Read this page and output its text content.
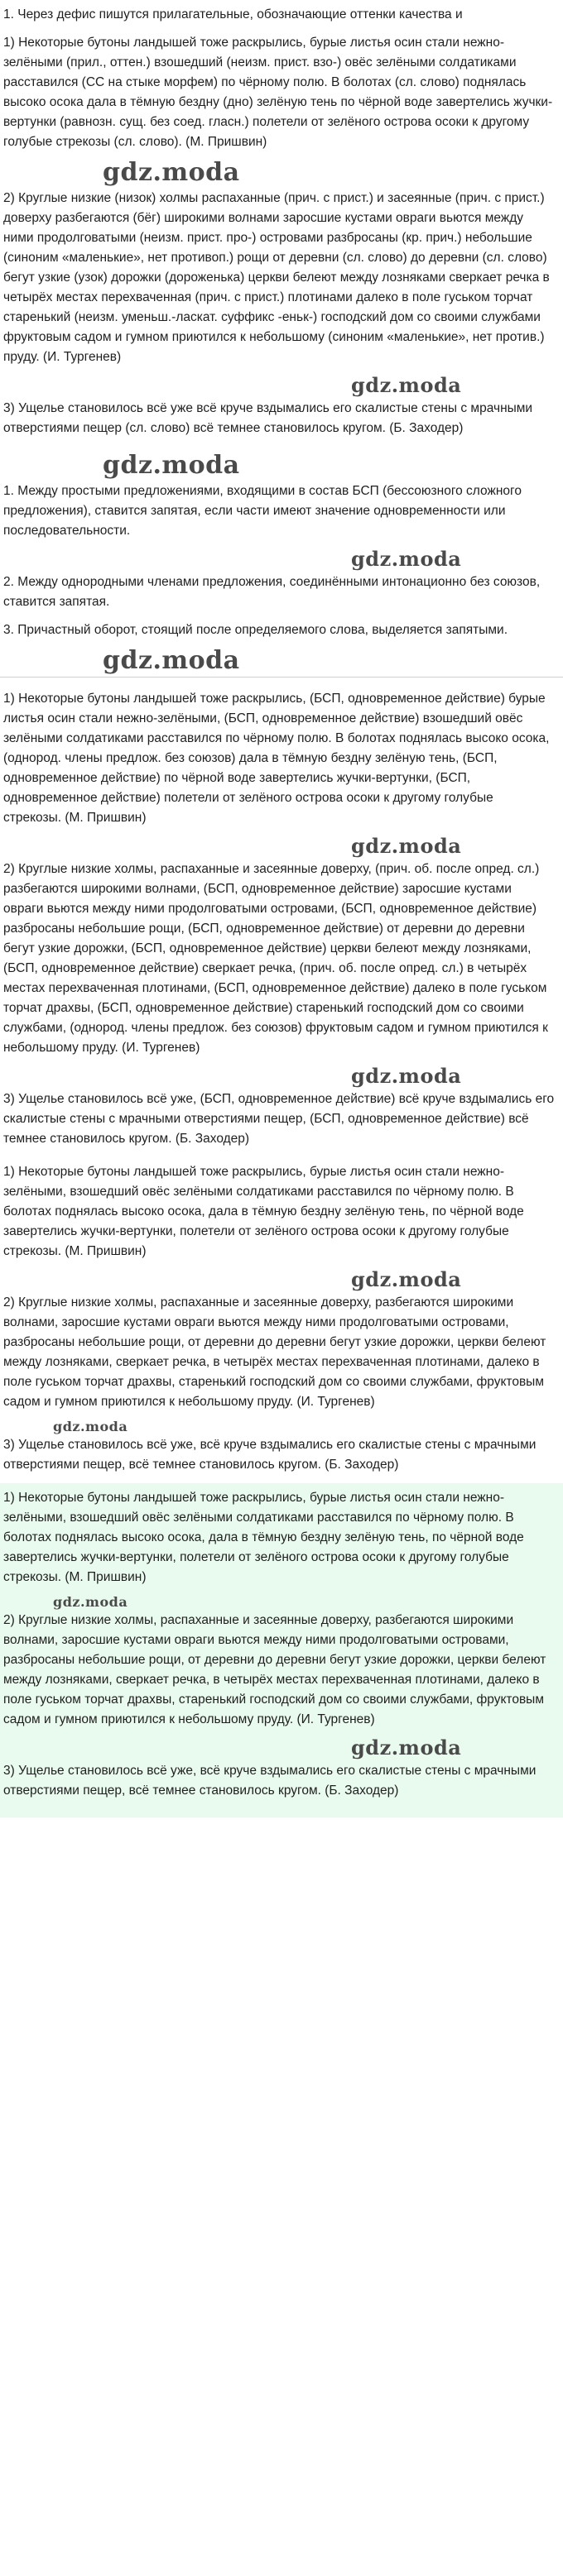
1. Через дефис пишутся прилагательные, обозначающие оттенки качества и

1) Некоторые бутоны ландышей тоже раскрылись, бурые листья осин стали нежно-зелёными (прил., оттен.) взошедший (неизм. прист. взо-) овёс зелёными солдатиками расставился (СС на стыке морфем) по чёрному полю. В болотах (сл. слово) поднялась высоко осока дала в тёмную бездну (дно) зелёную тень по чёрной воде завертелись жучки-вертунки (равнозн. сущ. без соед. гласн.) полетели от зелёного острова осоки к другому голубые стрекозы (сл. слово). (М. Пришвин)

gdz.moda

2) Круглые низкие (низок) холмы распаханные (прич. с прист.) и засеянные (прич. с прист.) доверху разбегаются (бёг) широкими волнами заросшие кустами овраги вьются между ними продолговатыми (неизм. прист. про-) островами разбросаны (кр. прич.) небольшие (синоним «маленькие», нет противоп.) рощи от деревни (сл. слово) до деревни (сл. слово) бегут узкие (узок) дорожки (дороженька) церкви белеют между лозняками сверкает речка в четырёх местах перехваченная (прич. с прист.) плотинами далеко в поле гуськом торчат старенький (неизм. уменьш.-ласкат. суффикс -еньк-) господский дом со своими службами фруктовым садом и гумном приютился к небольшому (синоним «маленькие», нет против.) пруду. (И. Тургенев)

gdz.moda

3) Ущелье становилось всё уже всё круче вздымались его скалистые стены с мрачными отверстиями пещер (сл. слово) всё темнее становилось кругом. (Б. Заходер)

gdz.moda

1. Между простыми предложениями, входящими в состав БСП (бессоюзного сложного предложения), ставится запятая, если части имеют значение одновременности или последовательности.

gdz.moda

2. Между однородными членами предложения, соединёнными интонационно без союзов, ставится запятая.

3. Причастный оборот, стоящий после определяемого слова, выделяется запятыми.

gdz.moda

1) Некоторые бутоны ландышей тоже раскрылись, (БСП, одновременное действие) бурые листья осин стали нежно-зелёными, (БСП, одновременное действие) взошедший овёс зелёными солдатиками расставился по чёрному полю. В болотах поднялась высоко осока, (однород. члены предлож. без союзов) дала в тёмную бездну зелёную тень, (БСП, одновременное действие) по чёрной воде завертелись жучки-вертунки, (БСП, одновременное действие) полетели от зелёного острова осоки к другому голубые стрекозы. (М. Пришвин)

gdz.moda

2) Круглые низкие холмы, распаханные и засеянные доверху, (прич. об. после опред. сл.) разбегаются широкими волнами, (БСП, одновременное действие) заросшие кустами овраги вьются между ними продолговатыми островами, (БСП, одновременное действие) разбросаны небольшие рощи, (БСП, одновременное действие) от деревни до деревни бегут узкие дорожки, (БСП, одновременное действие) церкви белеют между лозняками, (БСП, одновременное действие) сверкает речка, (прич. об. после опред. сл.) в четырёх местах перехваченная плотинами, (БСП, одновременное действие) далеко в поле гуськом торчат драхвы, (БСП, одновременное действие) старенький господский дом со своими службами, (однород. члены предлож. без союзов) фруктовым садом и гумном приютился к небольшому пруду. (И. Тургенев)

gdz.moda

3) Ущелье становилось всё уже, (БСП, одновременное действие) всё круче вздымались его скалистые стены с мрачными отверстиями пещер, (БСП, одновременное действие) всё темнее становилось кругом. (Б. Заходер)

1) Некоторые бутоны ландышей тоже раскрылись, бурые листья осин стали нежно-зелёными, взошедший овёс зелёными солдатиками расставился по чёрному полю. В болотах поднялась высоко осока, дала в тёмную бездну зелёную тень, по чёрной воде завертелись жучки-вертунки, полетели от зелёного острова осоки к другому голубые стрекозы. (М. Пришвин)

gdz.moda

2) Круглые низкие холмы, распаханные и засеянные доверху, разбегаются широкими волнами, заросшие кустами овраги вьются между ними продолговатыми островами, разбросаны небольшие рощи, от деревни до деревни бегут узкие дорожки, церкви белеют между лозняками, сверкает речка, в четырёх местах перехваченная плотинами, далеко в поле гуськом торчат драхвы, старенький господский дом со своими службами, фруктовым садом и гумном приютился к небольшому пруду. (И. Тургенев)

gdz.moda

3) Ущелье становилось всё уже, всё круче вздымались его скалистые стены с мрачными отверстиями пещер, всё темнее становилось кругом. (Б. Заходер)

1) Некоторые бутоны ландышей тоже раскрылись, бурые листья осин стали нежно-зелёными, взошедший овёс зелёными солдатиками расставился по чёрному полю. В болотах поднялась высоко осока, дала в тёмную бездну зелёную тень, по чёрной воде завертелись жучки-вертунки, полетели от зелёного острова осоки к другому голубые стрекозы. (М. Пришвин)

gdz.moda

2) Круглые низкие холмы, распаханные и засеянные доверху, разбегаются широкими волнами, заросшие кустами овраги вьются между ними продолговатыми островами, разбросаны небольшие рощи, от деревни до деревни бегут узкие дорожки, церкви белеют между лозняками, сверкает речка, в четырёх местах перехваченная плотинами, далеко в поле гуськом торчат драхвы, старенький господский дом со своими службами, фруктовым садом и гумном приютился к небольшому пруду. (И. Тургенев)

gdz.moda

3) Ущелье становилось всё уже, всё круче вздымались его скалистые стены с мрачными отверстиями пещер, всё темнее становилось кругом. (Б. Заходер)
